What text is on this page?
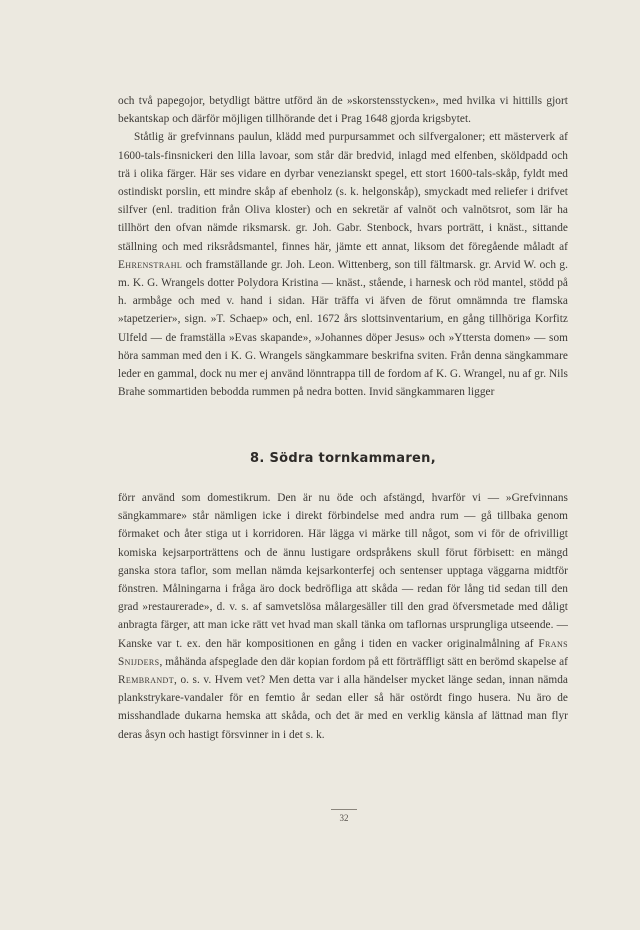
och två papegojor, betydligt bättre utförd än de »skorstensstycken», med hvilka vi hittills gjort bekantskap och därför möjligen tillhörande det i Prag 1648 gjorda krigsbytet.

Ståtlig är grefvinnans paulun, klädd med purpursammet och silfvergaloner; ett mästerverk af 1600-tals-finsnickeri den lilla lavoar, som står där bredvid, inlagd med elfenben, sköldpadd och trä i olika färger. Här ses vidare en dyrbar venezianskt spegel, ett stort 1600-tals-skåp, fyldt med ostindiskt porslin, ett mindre skåp af ebenholz (s. k. helgonskåp), smyckadt med reliefer i drifvet silfver (enl. tradition från Oliva kloster) och en sekretär af valnöt och valnötsrot, som lär ha tillhört den ofvan nämde riksmarsk. gr. Joh. Gabr. Stenbock, hvars porträtt, i knäst., sittande ställning och med riksrådsmantel, finnes här, jämte ett annat, liksom det föregående måladt af Ehrenstrahl och framställande gr. Joh. Leon. Wittenberg, son till fältmarsk. gr. Arvid W. och g. m. K. G. Wrangels dotter Polydora Kristina — knäst., stående, i harnesk och röd mantel, stödd på h. armbåge och med v. hand i sidan. Här träffa vi äfven de förut omnämnda tre flamska »tapetzerier», sign. »T. Schaep» och, enl. 1672 års slottsinventarium, en gång tillhöriga Korfitz Ulfeld — de framställa »Evas skapande», »Johannes döper Jesus» och »Yttersta domen» — som höra samman med den i K. G. Wrangels sängkammare beskrifna sviten. Från denna sängkammare leder en gammal, dock nu mer ej använd lönntrappa till de fordom af K. G. Wrangel, nu af gr. Nils Brahe sommartiden bebodda rummen på nedra botten. Invid sängkammaren ligger

8. Södra tornkammaren,

förr använd som domestikrum. Den är nu öde och afstängd, hvarför vi — »Grefvinnans sängkammare» står nämligen icke i direkt förbindelse med andra rum — gå tillbaka genom förmaket och åter stiga ut i korridoren. Här lägga vi märke till något, som vi för de ofrivilligt komiska kejsarporträttens och de ännu lustigare ordspråkens skull förut förbisett: en mängd ganska stora taflor, som mellan nämda kejsarkonterfej och sentenser upptaga väggarna midtför fönstren. Målningarna i fråga äro dock bedröfliga att skåda — redan för lång tid sedan till den grad »restaurerade», d. v. s. af samvetslösa målargesäller till den grad öfversmetade med dåligt anbragta färger, att man icke rätt vet hvad man skall tänka om taflornas ursprungliga utseende. — Kanske var t. ex. den här kompositionen en gång i tiden en vacker originalmålning af Frans Snijders, måhända afspeglade den där kopian fordom på ett förträffligt sätt en berömd skapelse af Rembrandt, o. s. v. Hvem vet? Men detta var i alla händelser mycket länge sedan, innan nämda plankstrykare-vandaler för en femtio år sedan eller så här ostördt fingo husera. Nu äro de misshandlade dukarna hemska att skåda, och det är med en verklig känsla af lättnad man flyr deras åsyn och hastigt försvinner in i det s. k.

32
